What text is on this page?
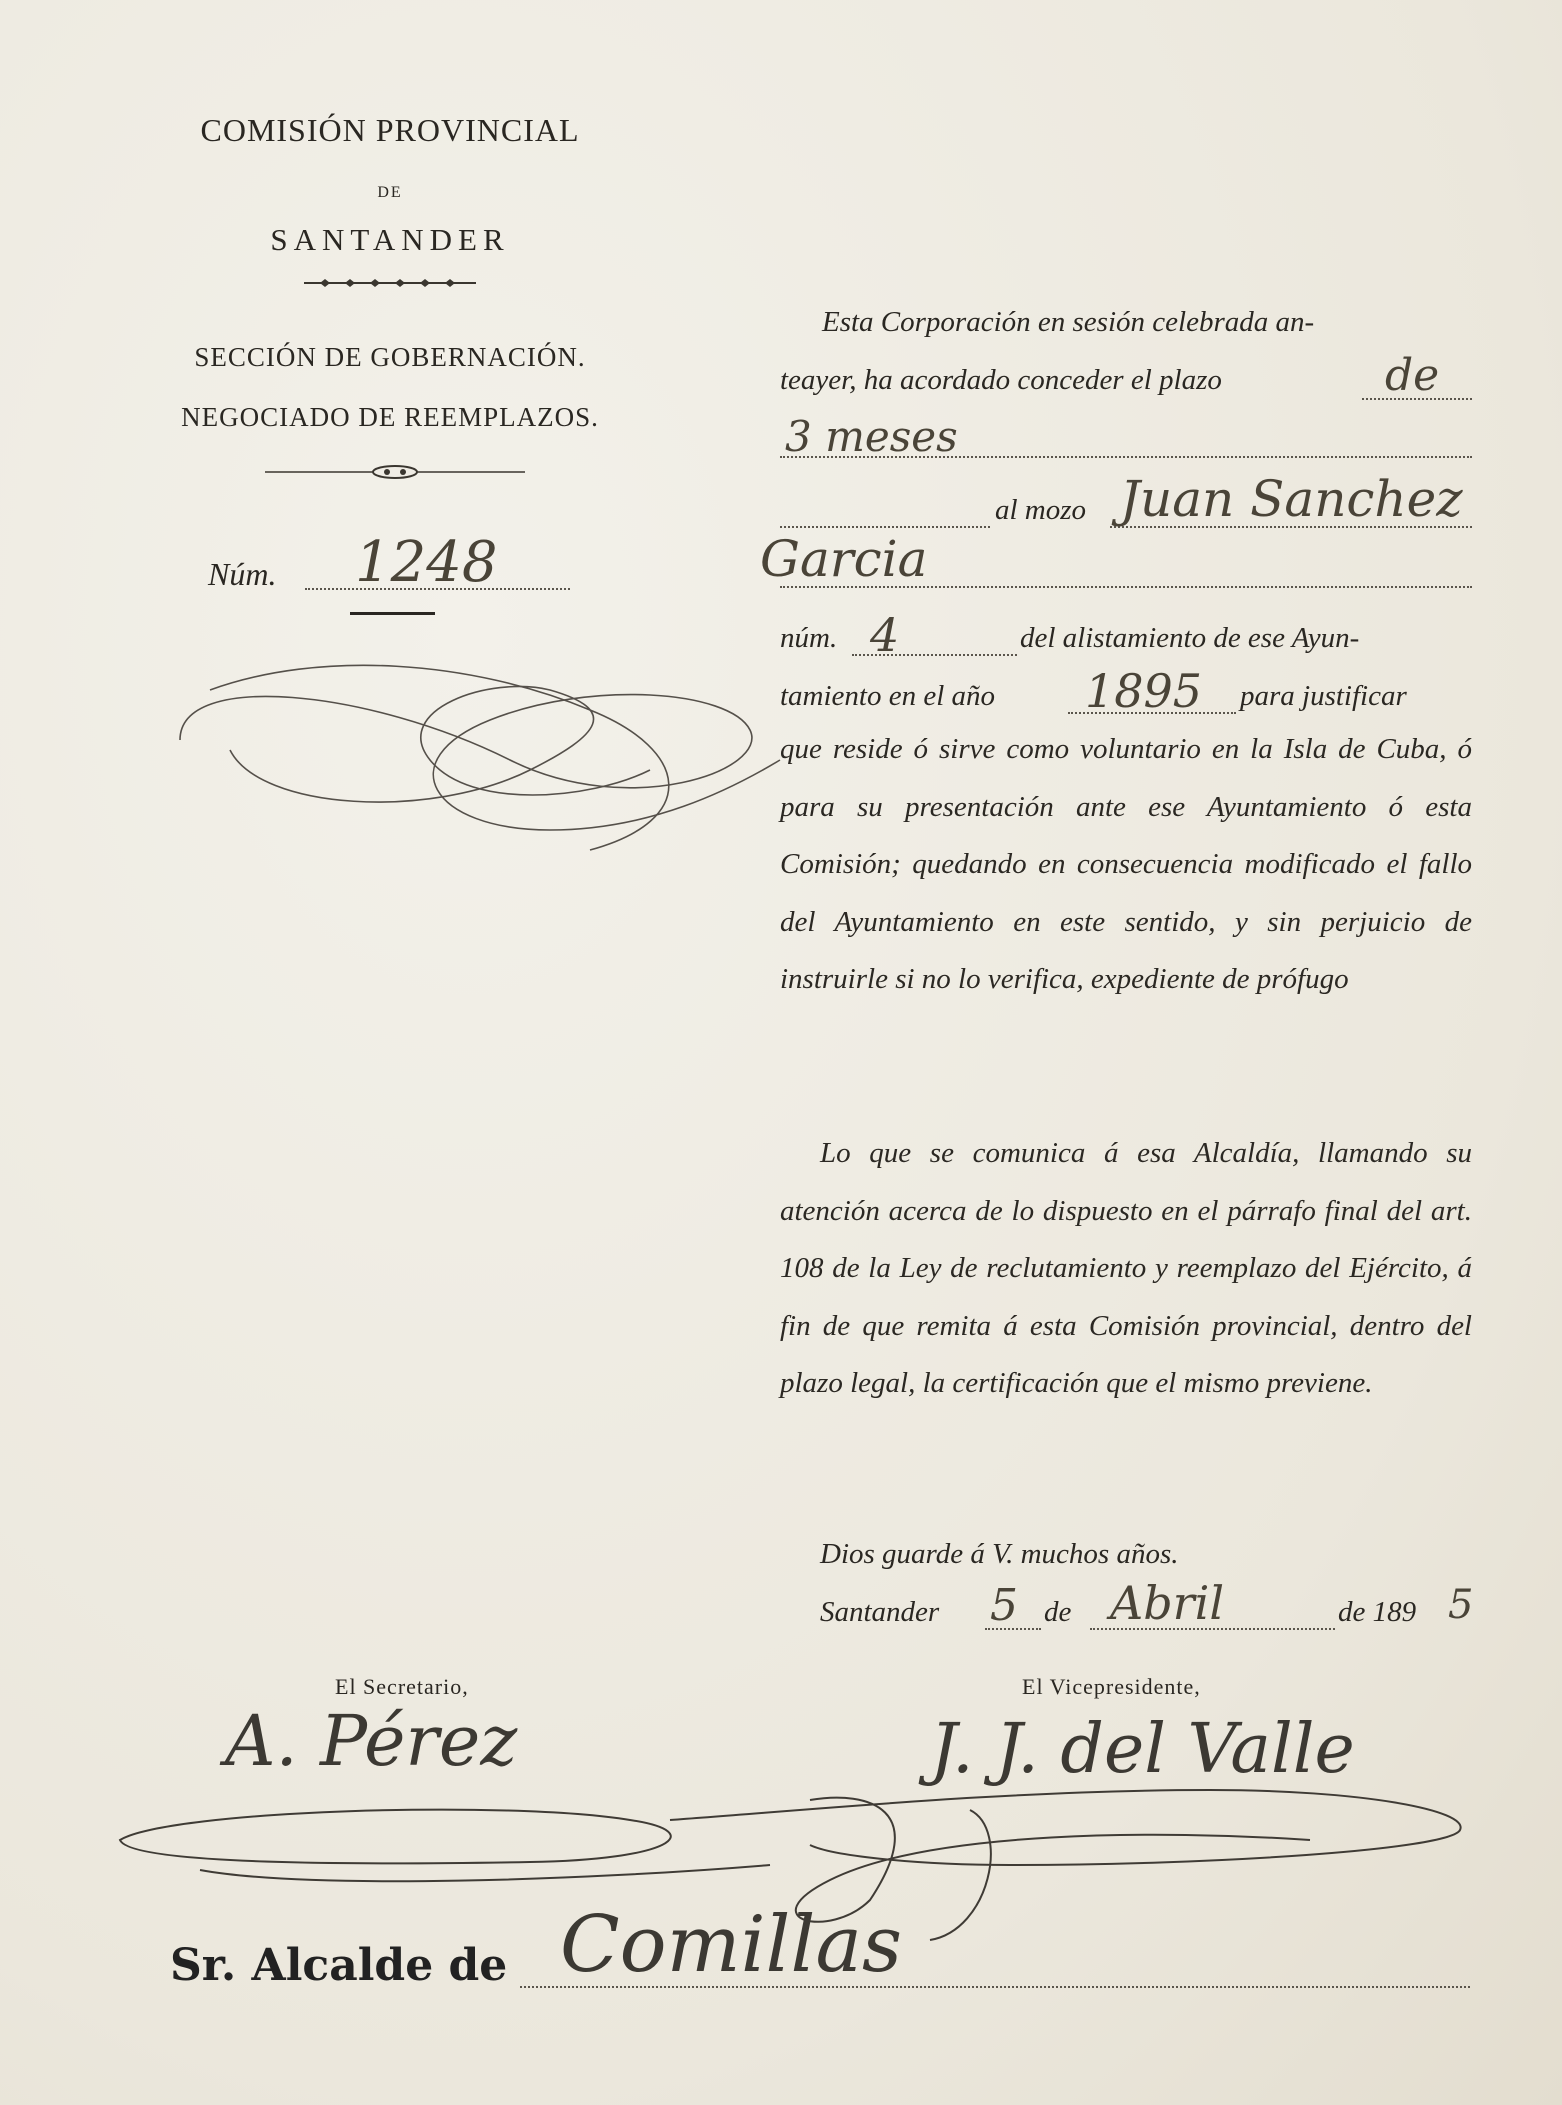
COMISIÓN PROVINCIAL
DE
SANTANDER
SECCIÓN DE GOBERNACIÓN.
NEGOCIADO DE REEMPLAZOS.
Núm. 1248
Esta Corporación en sesión celebrada an-
teayer, ha acordado conceder el plazo	de
3 meses
al mozo Juan Sanchez
Garcia
núm. 4	del alistamiento de ese Ayun-
tamiento en el año 1895 para justificar
que reside ó sirve como voluntario en la Isla de Cuba, ó para su presentación ante ese Ayuntamiento ó esta Comisión; quedando en consecuencia modificado el fallo del Ayuntamiento en este sentido, y sin perjuicio de instruirle si no lo verifica, expediente de prófugo
Lo que se comunica á esa Alcaldía, llamando su atención acerca de lo dispuesto en el párrafo final del art. 108 de la Ley de reclutamiento y reemplazo del Ejército, á fin de que remita á esta Comisión provincial, dentro del plazo legal, la certificación que el mismo previene.
Dios guarde á V. muchos años.
Santander 5 de Abril	de 189 5
El Secretario,	El Vicepresidente,
A. Pérez	J. J. del Valle
Sr. Alcalde de Comillas
